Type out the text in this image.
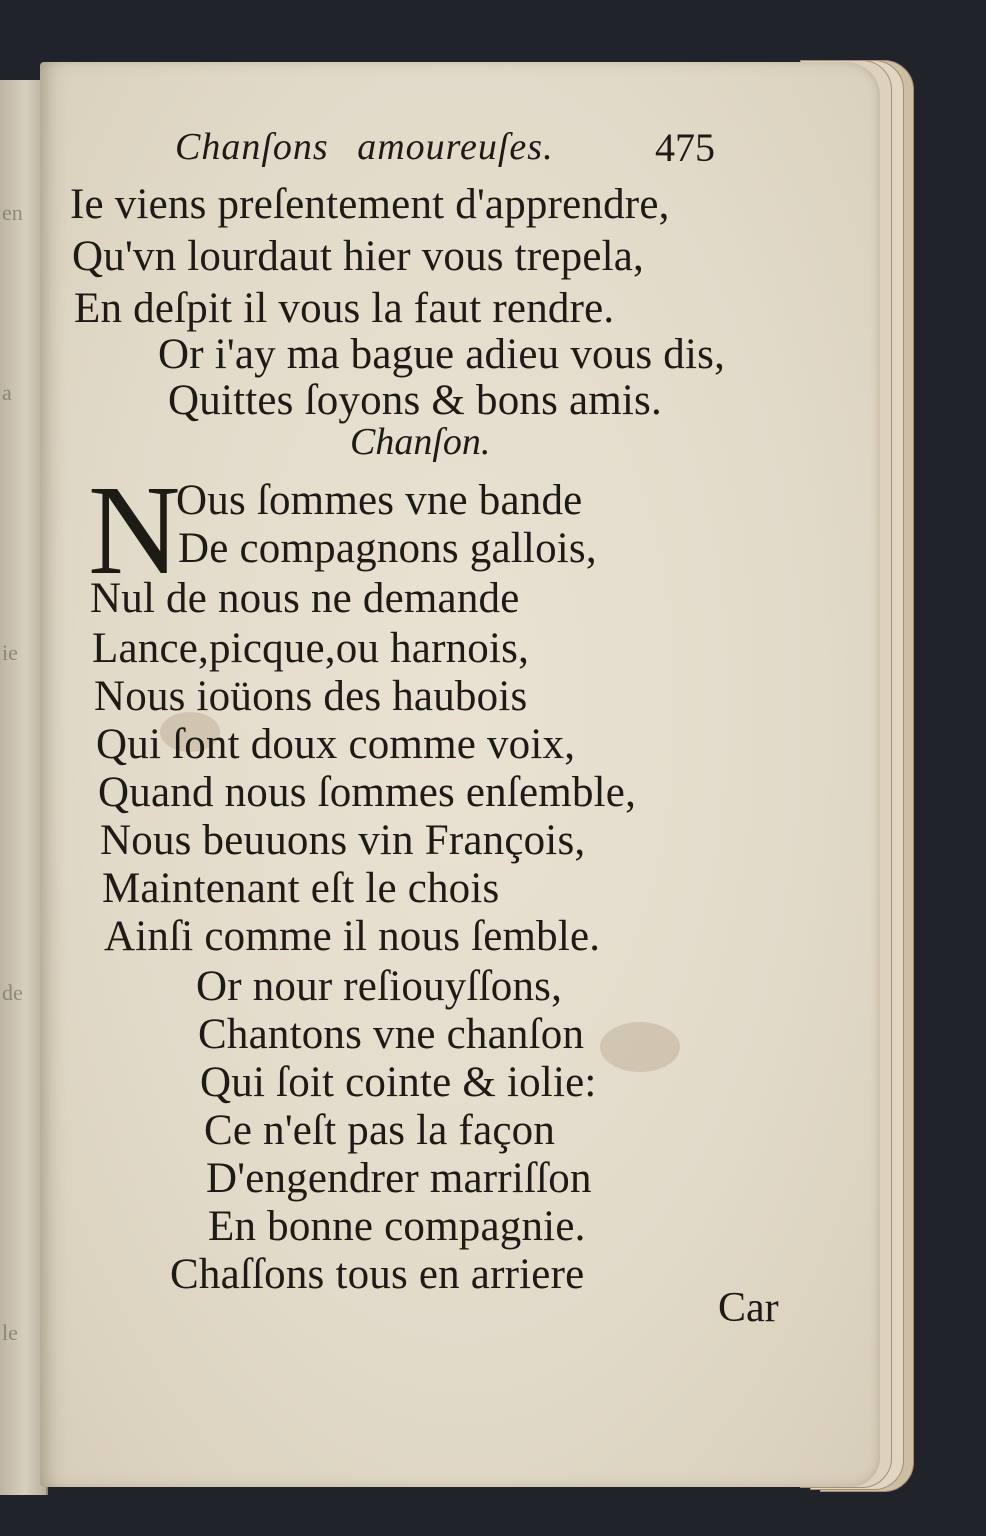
en
a
ie
de
le
Chanſons amoureuſes.	475
Ie viens preſentement d'apprendre,
Qu'vn lourdaut hier vous trepela,
En deſpit il vous la faut rendre.
Or i'ay ma bague adieu vous dis,
Quittes ſoyons & bons amis.
Chanſon.
N
Ous ſommes vne bande
De compagnons gallois,
Nul de nous ne demande
Lance,picque,ou harnois,
Nous ioüons des haubois
Qui ſont doux comme voix,
Quand nous ſommes enſemble,
Nous beuuons vin François,
Maintenant eſt le chois
Ainſi comme il nous ſemble.
Or nour reſiouyſſons,
Chantons vne chanſon
Qui ſoit cointe & iolie:
Ce n'eſt pas la façon
D'engendrer marriſſon
En bonne compagnie.
Chaſſons tous en arriere
Car
